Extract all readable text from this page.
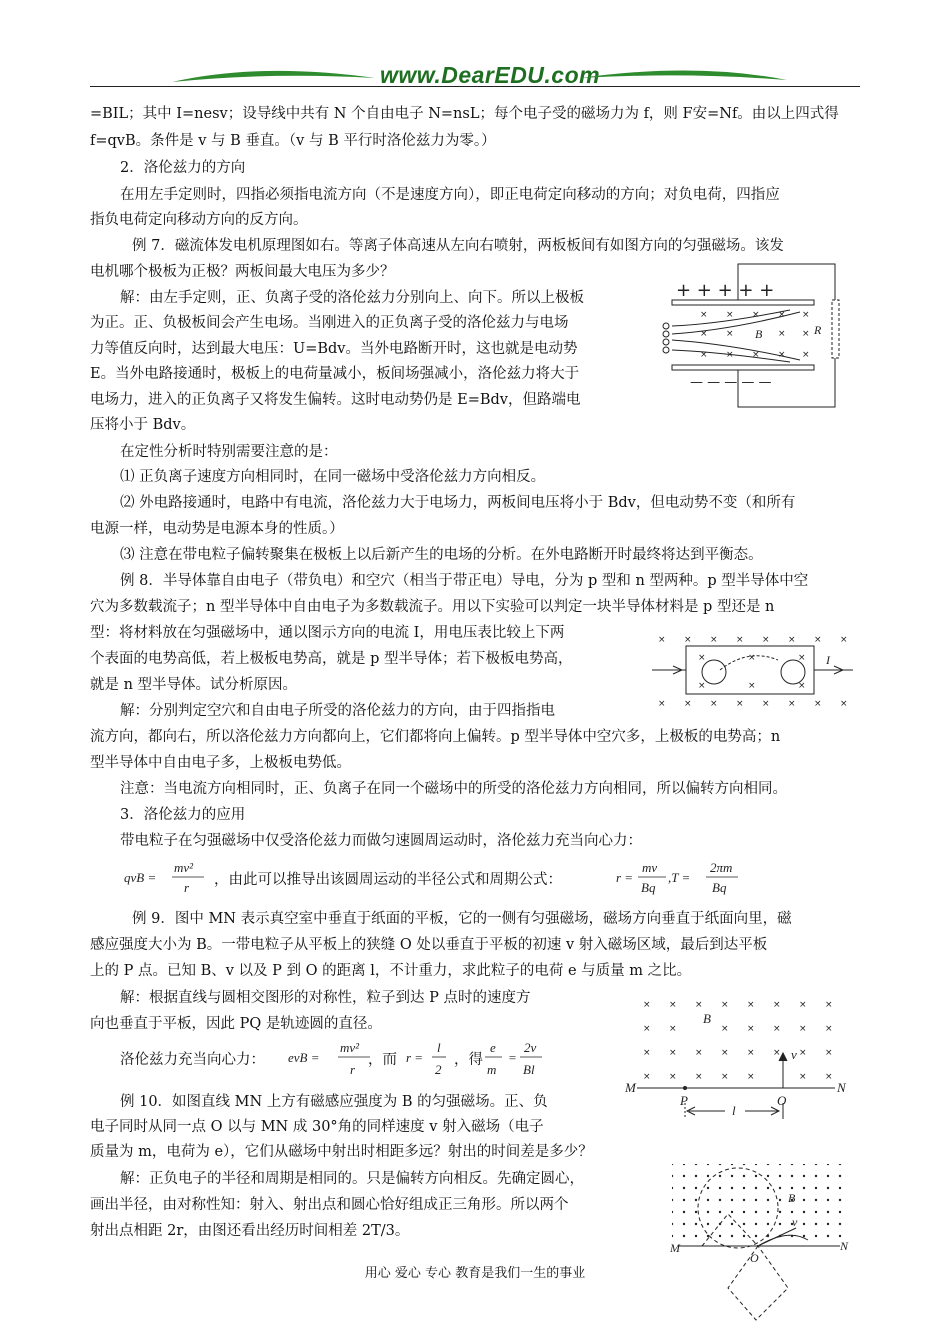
www.DearEDU.com
=BIL；其中 I=nesv；设导线中共有 N 个自由电子 N=nsL；每个电子受的磁场力为 f，则 F安=Nf。由以上四式得
f=qvB。条件是 v 与 B 垂直。（v 与 B 平行时洛伦兹力为零。）
2．洛伦兹力的方向
在用左手定则时，四指必须指电流方向（不是速度方向），即正电荷定向移动的方向；对负电荷，四指应
指负电荷定向移动方向的反方向。
例 7．磁流体发电机原理图如右。等离子体高速从左向右喷射，两板板间有如图方向的匀强磁场。该发
电机哪个极板为正极？两板间最大电压为多少？
解：由左手定则，正、负离子受的洛伦兹力分别向上、向下。所以上极板
为正。正、负极板间会产生电场。当刚进入的正负离子受的洛伦兹力与电场
力等值反向时，达到最大电压：U=Bdv。当外电路断开时，这也就是电动势
E。当外电路接通时，极板上的电荷量减小，板间场强减小，洛伦兹力将大于
电场力，进入的正负离子又将发生偏转。这时电动势仍是 E=Bdv，但路端电
压将小于 Bdv。
在定性分析时特别需要注意的是：
⑴ 正负离子速度方向相同时，在同一磁场中受洛伦兹力方向相反。
⑵ 外电路接通时，电路中有电流，洛伦兹力大于电场力，两板间电压将小于 Bdv，但电动势不变（和所有
电源一样，电动势是电源本身的性质。）
⑶ 注意在带电粒子偏转聚集在极板上以后新产生的电场的分析。在外电路断开时最终将达到平衡态。
例 8．半导体靠自由电子（带负电）和空穴（相当于带正电）导电，分为 p 型和 n 型两种。p 型半导体中空
穴为多数载流子；n 型半导体中自由电子为多数载流子。用以下实验可以判定一块半导体材料是 p 型还是 n
型：将材料放在匀强磁场中，通以图示方向的电流 I，用电压表比较上下两
个表面的电势高低，若上极板电势高，就是 p 型半导体；若下极板电势高，
就是 n 型半导体。试分析原因。
解：分别判定空穴和自由电子所受的洛伦兹力的方向，由于四指指电
流方向，都向右，所以洛伦兹力方向都向上，它们都将向上偏转。p 型半导体中空穴多，上极板的电势高；n
型半导体中自由电子多，上极板电势低。
注意：当电流方向相同时，正、负离子在同一个磁场中的所受的洛伦兹力方向相同，所以偏转方向相同。
3．洛伦兹力的应用
带电粒子在匀强磁场中仅受洛伦兹力而做匀速圆周运动时，洛伦兹力充当向心力：
qvB =
mv²
r
r =
mv
Bq
,T =
2πm
Bq
，由此可以推导出该圆周运动的半径公式和周期公式：
例 9．图中 MN 表示真空室中垂直于纸面的平板，它的一侧有匀强磁场，磁场方向垂直于纸面向里，磁
感应强度大小为 B。一带电粒子从平板上的狭缝 O 处以垂直于平板的初速 v 射入磁场区域，最后到达平板
上的 P 点。已知 B、v 以及 P 到 O 的距离 l，不计重力，求此粒子的电荷 e 与质量 m 之比。
解：根据直线与圆相交图形的对称性，粒子到达 P 点时的速度方
向也垂直于平板，因此 PQ 是轨迹圆的直径。
洛伦兹力充当向心力：	，而	，得
evB =
mv²
r
r =
l
2
e
m
=
2v
Bl
例 10．如图直线 MN 上方有磁感应强度为 B 的匀强磁场。正、负
电子同时从同一点 O 以与 MN 成 30°角的同样速度 v 射入磁场（电子
质量为 m，电荷为 e），它们从磁场中射出时相距多远？射出的时间差是多少？
解：正负电子的半径和周期是相同的。只是偏转方向相反。先确定圆心，
画出半径，由对称性知：射入、射出点和圆心恰好组成正三角形。所以两个
射出点相距 2r，由图还看出经历时间相差 2T/3。
+ + + + +
— — — — —
× × × × ×
× ×	× ×
× × × × ×
B	R
× × × × × × × ×
× × × × × × × ×
×	×	×
×	×	×
I
× × × × × × × ×
× ×	× × × × ×
× × × × × × × ×
× × × × ×	× ×
B
v
M	N
P	O
l
B
v
M	N
O
用心 爱心 专心 教育是我们一生的事业
